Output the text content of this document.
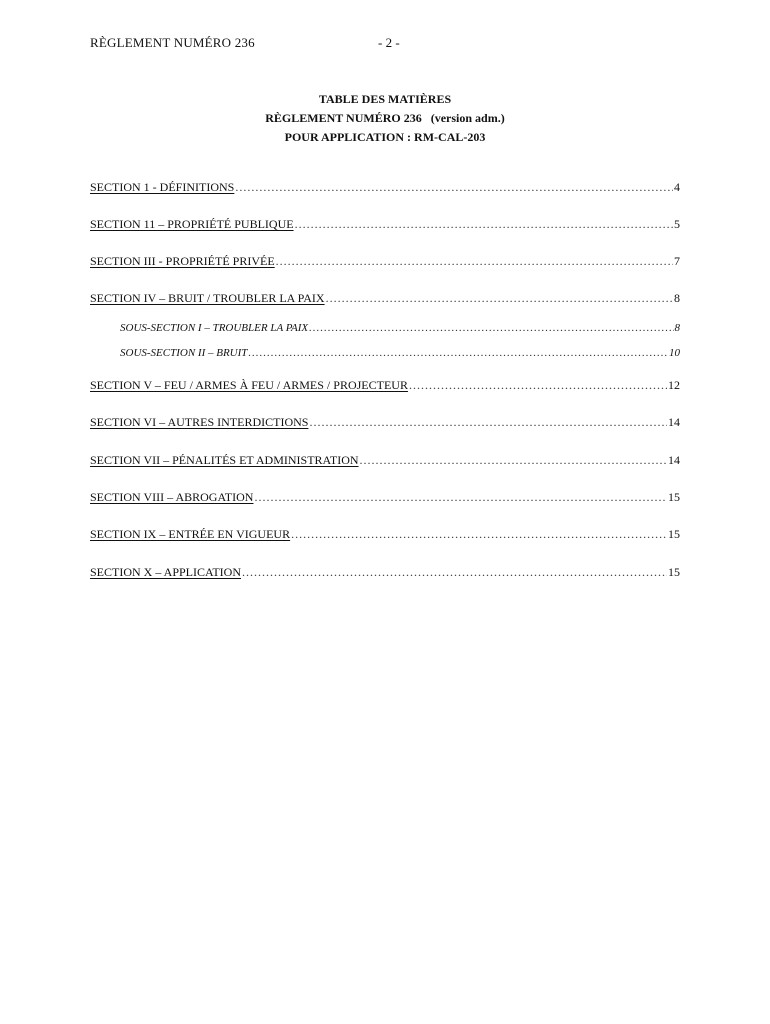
RÈGLEMENT NUMÉRO 236	- 2 -
TABLE DES MATIÈRES
RÈGLEMENT NUMÉRO 236   (version adm.)
POUR APPLICATION : RM-CAL-203
SECTION 1 - DÉFINITIONS .....	4
SECTION 11 – PROPRIÉTÉ PUBLIQUE .....	5
SECTION III - PROPRIÉTÉ PRIVÉE .....	7
SECTION IV – BRUIT / TROUBLER LA PAIX .....	8
SOUS-SECTION I – TROUBLER LA PAIX .....	8
SOUS-SECTION II – BRUIT .....	10
SECTION V – FEU / ARMES À FEU / ARMES / PROJECTEUR .....	12
SECTION VI – AUTRES INTERDICTIONS .....	14
SECTION VII – PÉNALITÉS ET ADMINISTRATION .....	14
SECTION VIII – ABROGATION .....	15
SECTION IX – ENTRÉE EN VIGUEUR .....	15
SECTION X – APPLICATION .....	15
